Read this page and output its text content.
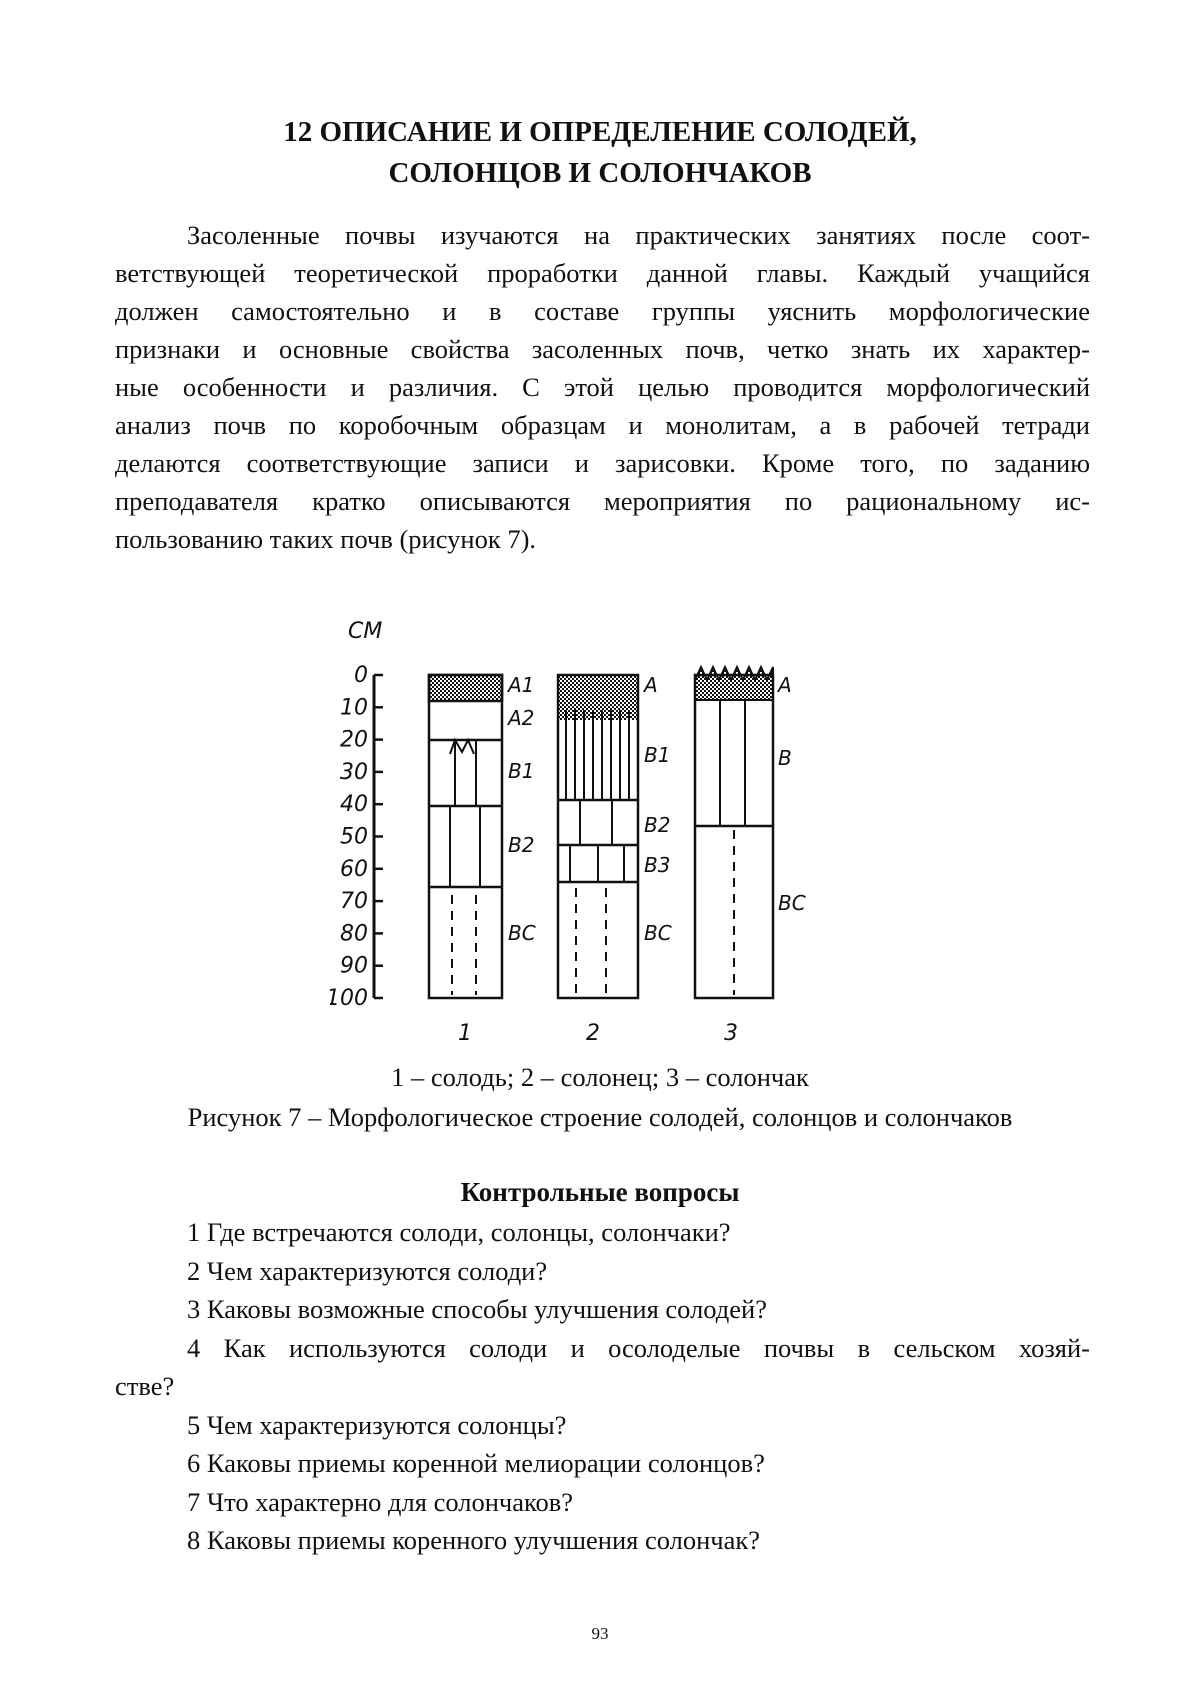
12 ОПИСАНИЕ И ОПРЕДЕЛЕНИЕ СОЛОДЕЙ,
СОЛОНЦОВ И СОЛОНЧАКОВ
Засоленные почвы изучаются на практических занятиях после соот-
ветствующей теоретической проработки данной главы. Каждый учащийся
должен самостоятельно и в составе группы уяснить морфологические
признаки и основные свойства засоленных почв, четко знать их характер-
ные особенности и различия. С этой целью проводится морфологический
анализ почв по коробочным образцам и монолитам, а в рабочей тетради
делаются соответствующие записи и зарисовки. Кроме того, по заданию
преподавателя кратко описываются мероприятия по рациональному ис-
пользованию таких почв (рисунок 7).
СМ
0
10
20
30
40
50
60
70
80
90
100
A1
A2
B1
B2
BC
1
A
B1
B2
B3
BC
2
A
B
BC
3
1 – солодь; 2 – солонец; 3 – солончак
Рисунок 7 – Морфологическое строение солодей, солонцов и солончаков
Контрольные вопросы
1 Где встречаются солоди, солонцы, солончаки?
2 Чем характеризуются солоди?
3 Каковы возможные способы улучшения солодей?
4 Как используются солоди и осолоделые почвы в сельском хозяй-
стве?
5 Чем характеризуются солонцы?
6 Каковы приемы коренной мелиорации солонцов?
7 Что характерно для солончаков?
8 Каковы приемы коренного улучшения солончак?
93
